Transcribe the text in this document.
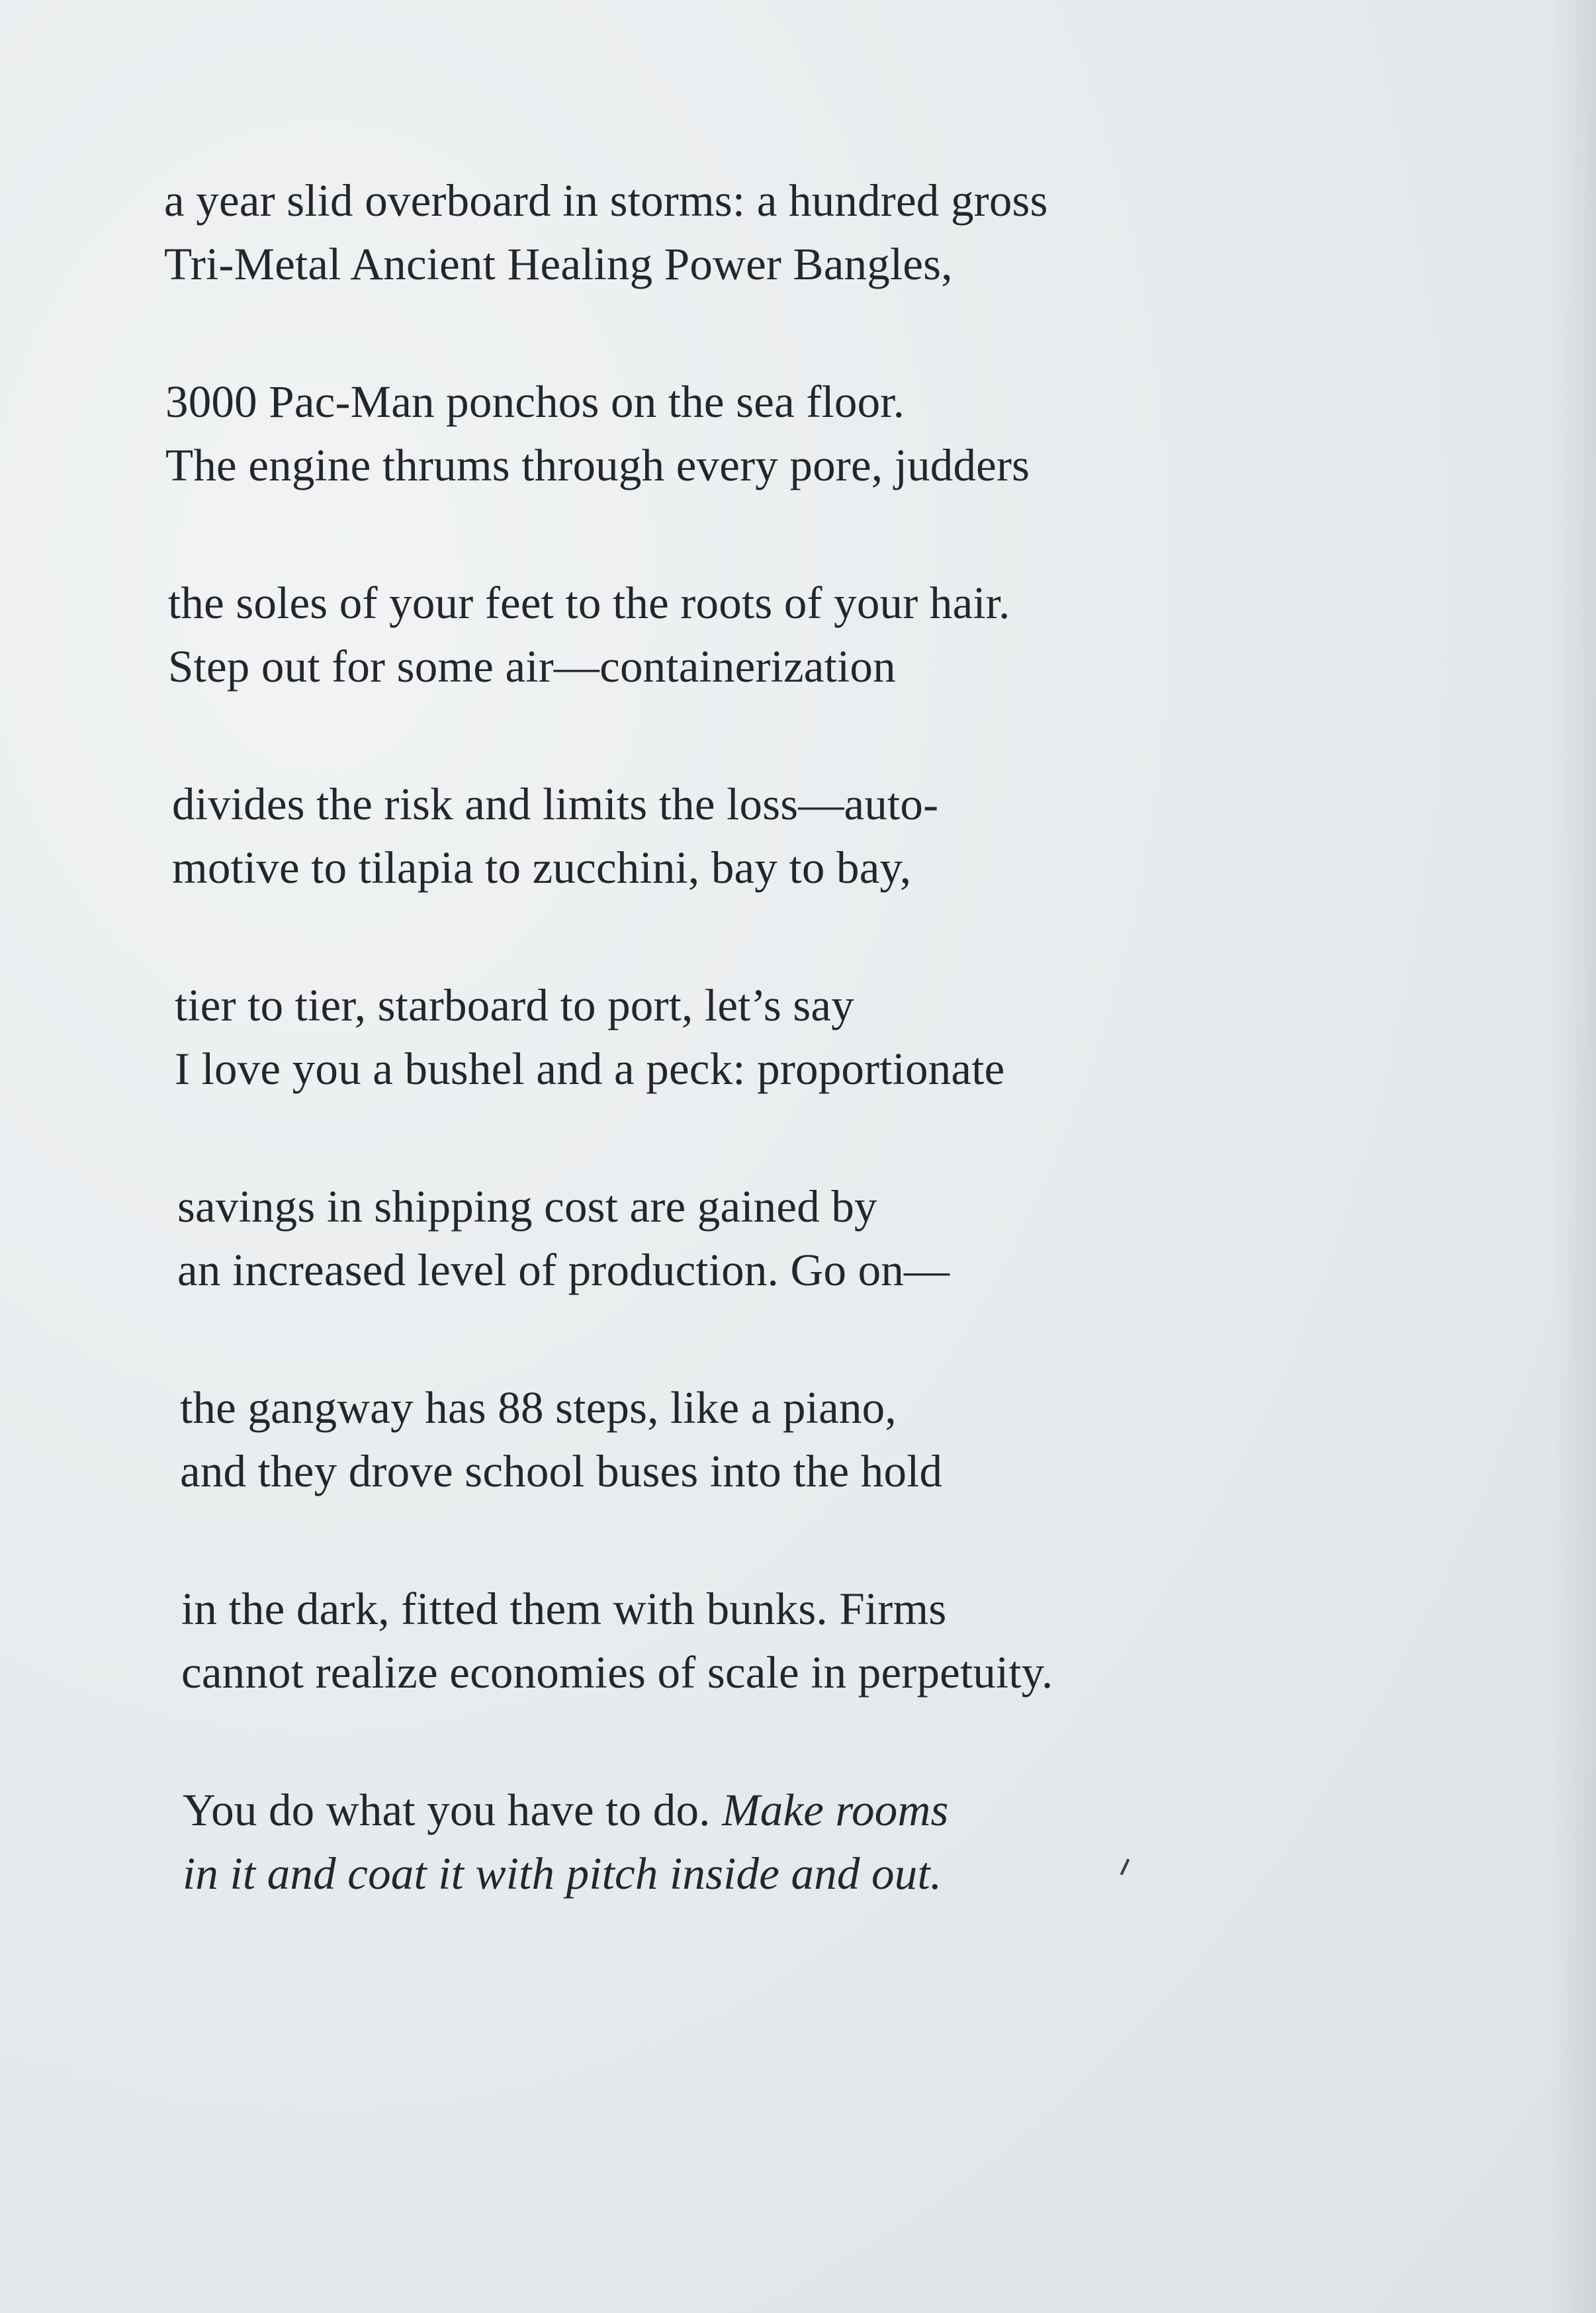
a year slid overboard in storms: a hundred gross
Tri-Metal Ancient Healing Power Bangles,
3000 Pac-Man ponchos on the sea floor.
The engine thrums through every pore, judders
the soles of your feet to the roots of your hair.
Step out for some air—containerization
divides the risk and limits the loss—auto-
motive to tilapia to zucchini, bay to bay,
tier to tier, starboard to port, let’s say
I love you a bushel and a peck: proportionate
savings in shipping cost are gained by
an increased level of production. Go on—
the gangway has 88 steps, like a piano,
and they drove school buses into the hold
in the dark, fitted them with bunks. Firms
cannot realize economies of scale in perpetuity.
You do what you have to do. Make rooms
in it and coat it with pitch inside and out.
